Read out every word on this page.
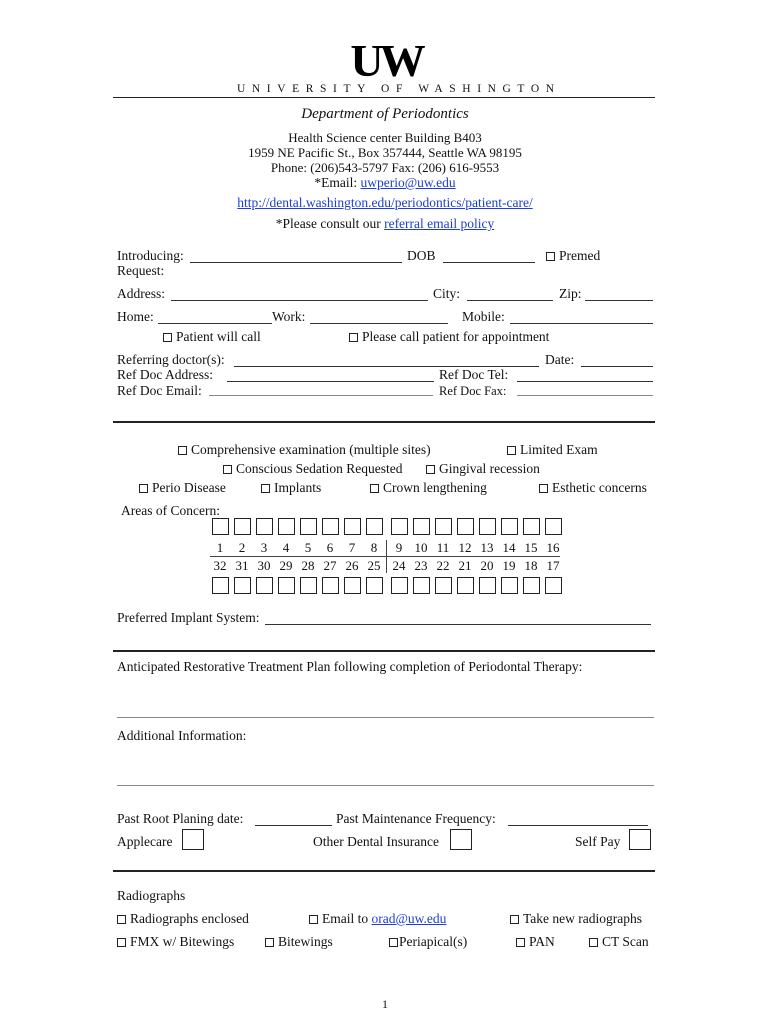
UW
UNIVERSITY OF WASHINGTON
Department of Periodontics
Health Science center Building B403
1959 NE Pacific St., Box 357444, Seattle WA 98195
Phone: (206)543-5797 Fax: (206) 616-9553
*Email: uwperio@uw.edu
http://dental.washington.edu/periodontics/patient-care/
*Please consult our referral email policy
Introducing:	DOB	Premed
Request:
Address:	City:	Zip:
Home:	Work:	Mobile:
Patient will call	Please call patient for appointment
Referring doctor(s):	Date:
Ref Doc Address:	Ref Doc Tel:
Ref Doc Email:	Ref Doc Fax:
Comprehensive examination (multiple sites)	Limited Exam
Conscious Sedation Requested	Gingival recession
Perio Disease	Implants	Crown lengthening	Esthetic concerns
Areas of Concern:
1	2	3	4	5	6	7	8	9 10 11 12 13 14 15 16
32 31 30 29 28 27 26 25 24 23 22 21 20 19 18 17
Preferred Implant System:
Anticipated Restorative Treatment Plan following completion of Periodontal Therapy:
Additional Information:
Past Root Planing date:	Past Maintenance Frequency:
Applecare	Other Dental Insurance	Self Pay
Radiographs
Radiographs enclosed	Email to orad@uw.edu	Take new radiographs
FMX w/ Bitewings	Bitewings	Periapical(s)	PAN	CT Scan
1
